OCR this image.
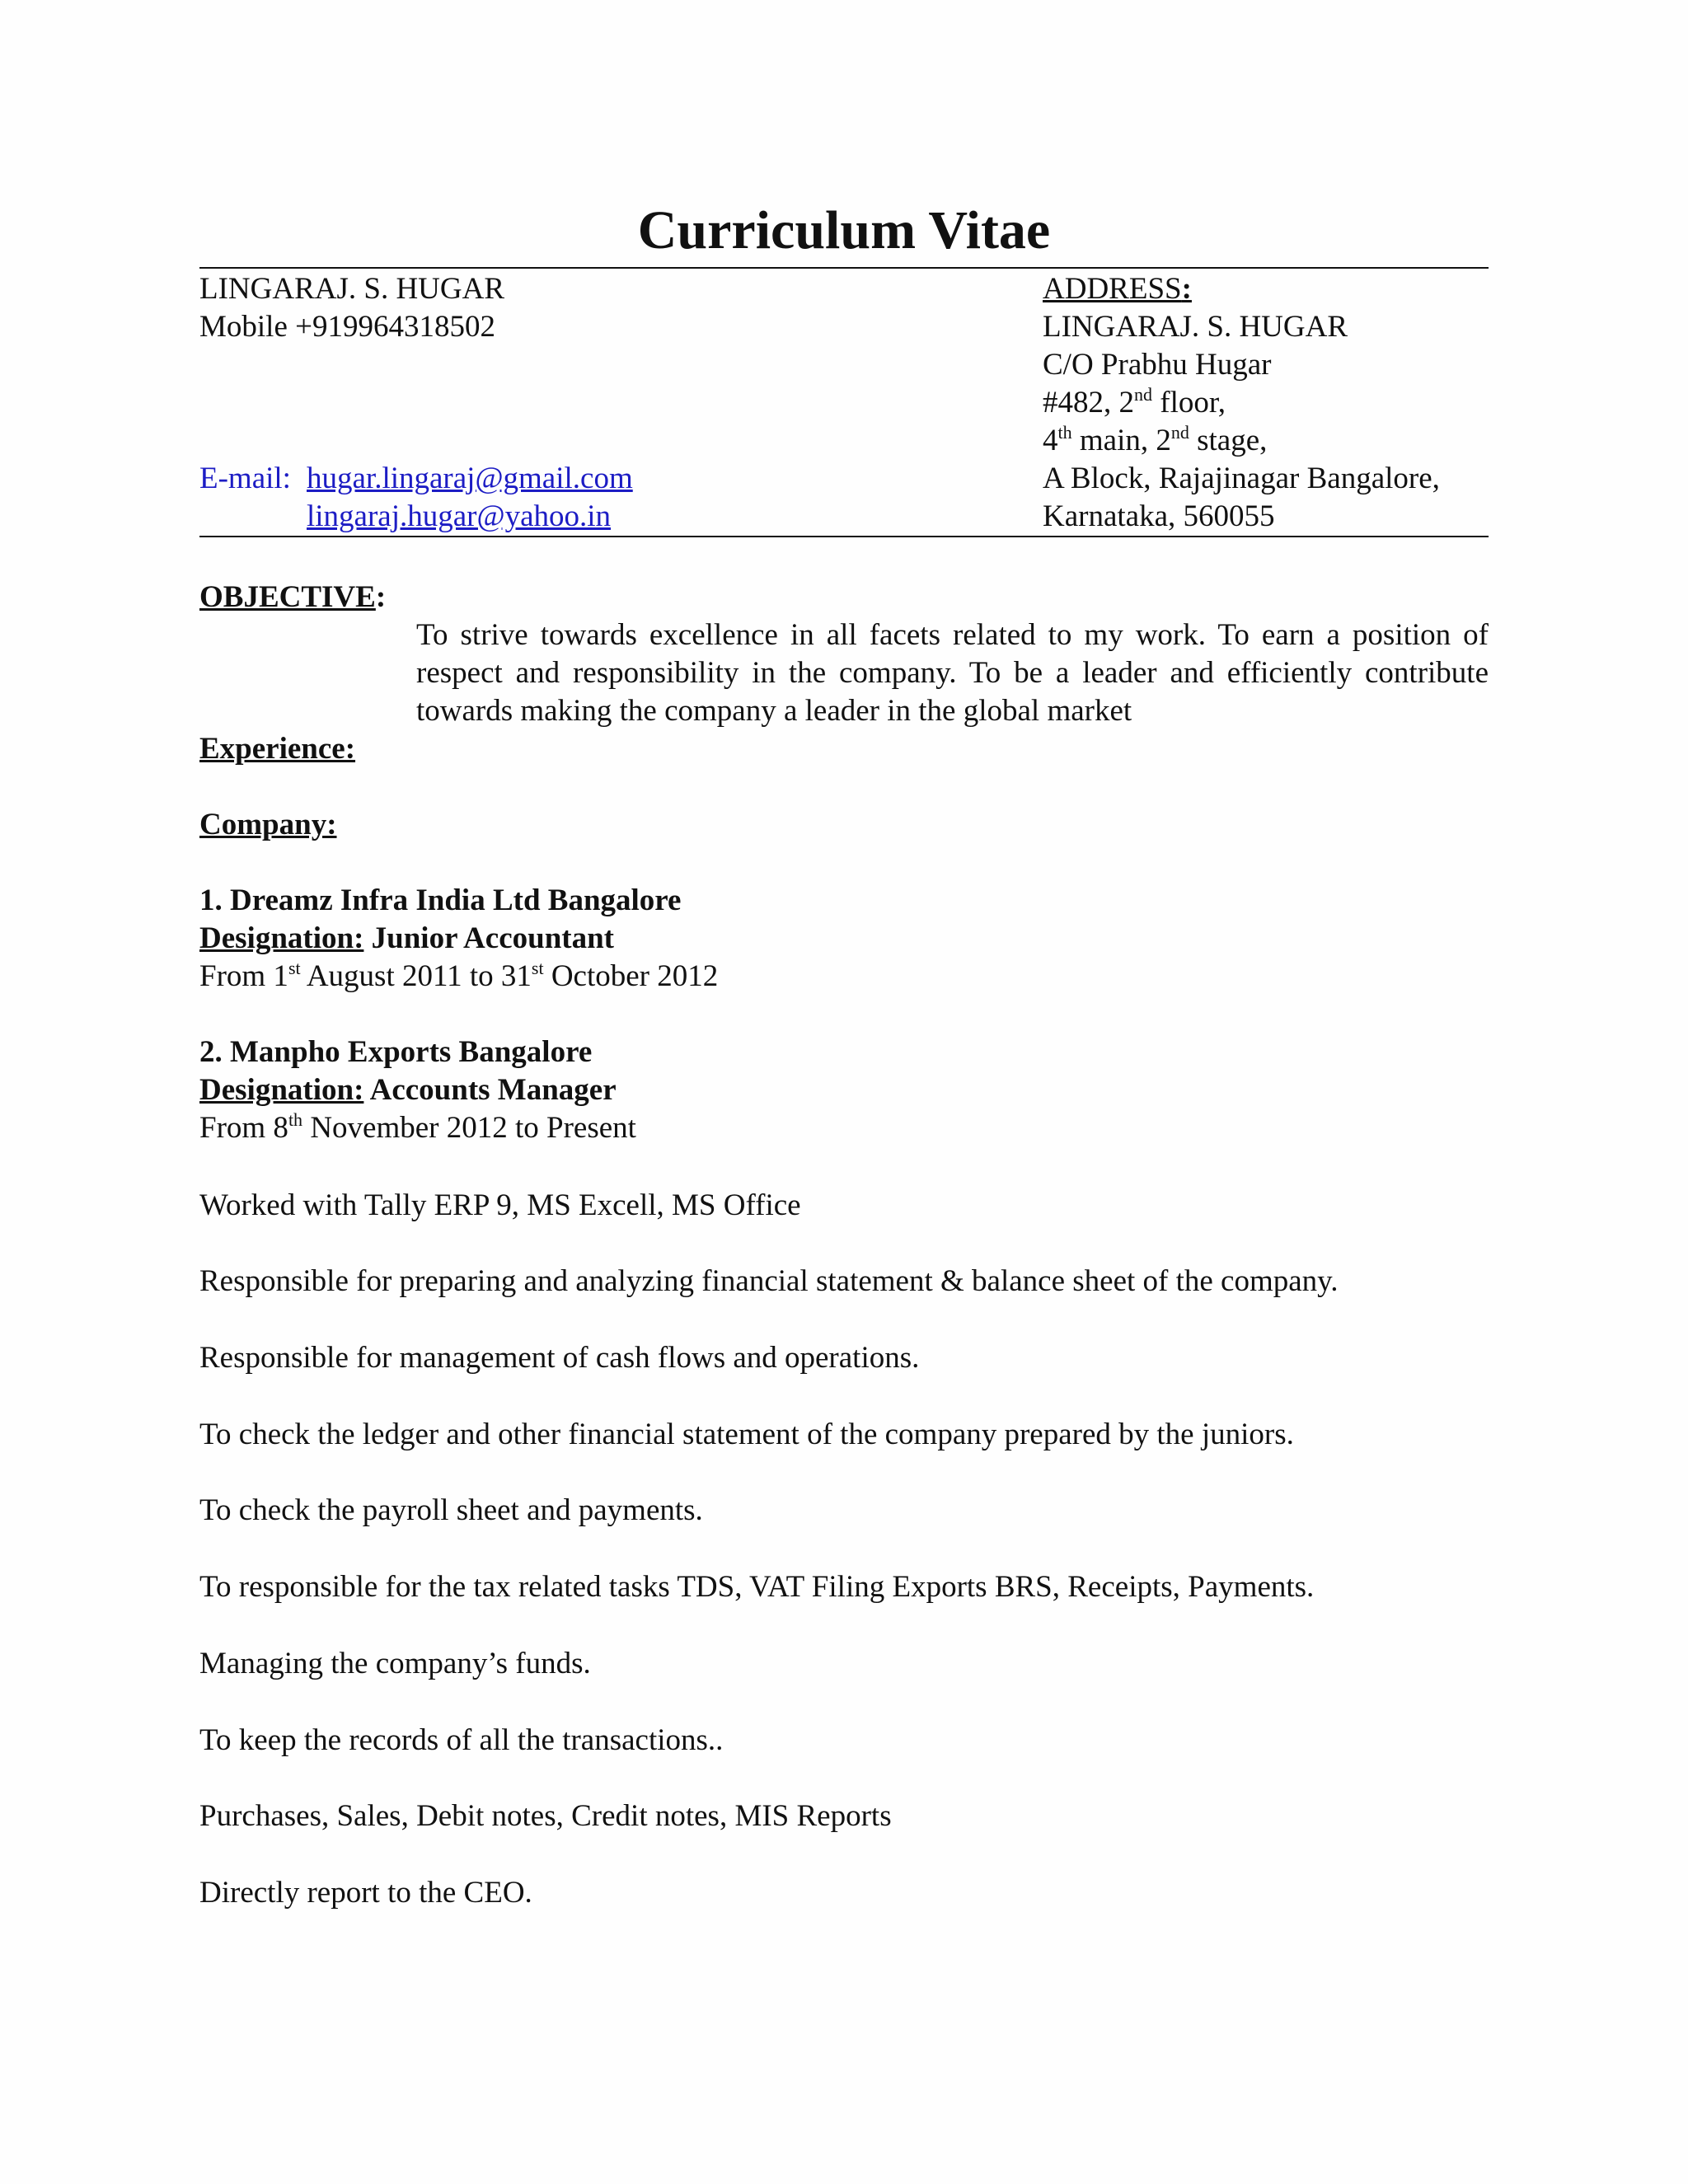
Curriculum Vitae
LINGARAJ. S. HUGAR
Mobile +919964318502
E-mail: hugar.lingaraj@gmail.com
lingaraj.hugar@yahoo.in
ADDRESS:
LINGARAJ. S. HUGAR
C/O Prabhu Hugar
#482, 2nd floor,
4th main, 2nd stage,
A Block, Rajajinagar Bangalore,
Karnataka, 560055
OBJECTIVE:
To strive towards excellence in all facets related to my work. To earn a position of respect and responsibility in the company. To be a leader and efficiently contribute towards making the company a leader in the global market
Experience:
Company:
1. Dreamz Infra India Ltd Bangalore
Designation: Junior Accountant
From 1st August 2011 to 31st October 2012
2. Manpho Exports Bangalore
Designation: Accounts Manager
From 8th November 2012 to Present
Worked with Tally ERP 9, MS Excell, MS Office
Responsible for preparing and analyzing financial statement & balance sheet of the company.
Responsible for management of cash flows and operations.
To check the ledger and other financial statement of the company prepared by the juniors.
To check the payroll sheet and payments.
To responsible for the tax related tasks TDS, VAT Filing Exports BRS, Receipts, Payments.
Managing the company’s funds.
To keep the records of all the transactions..
Purchases, Sales, Debit notes, Credit notes, MIS Reports
Directly report to the CEO.
